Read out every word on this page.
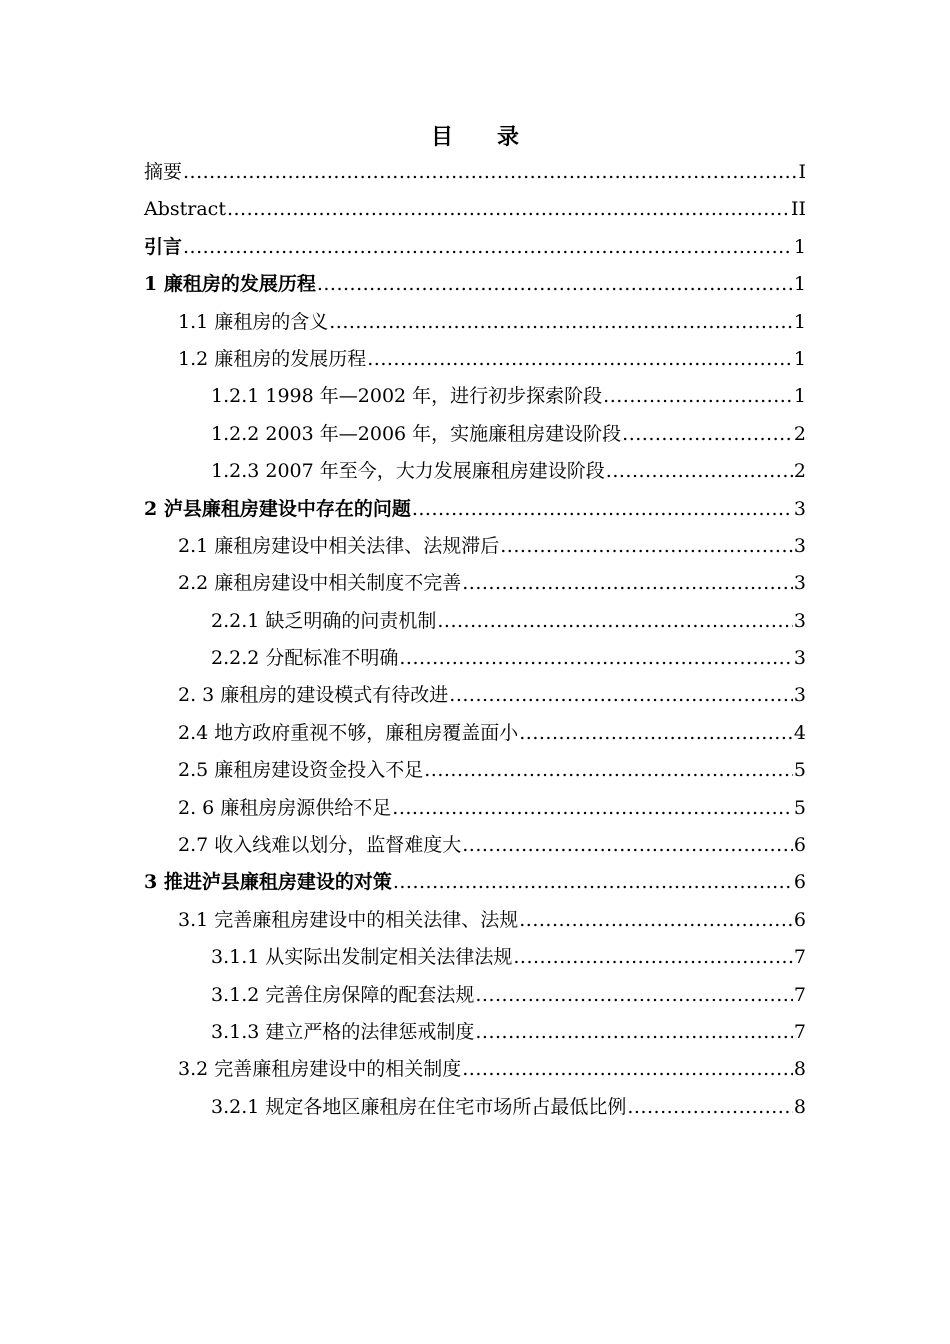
目 录
摘要 .....	I
Abstract .....	II
引言 .....	1
1 廉租房的发展历程 .....	1
1.1 廉租房的含义 .....	1
1.2 廉租房的发展历程 .....	1
1.2.1 1998 年—2002 年，进行初步探索阶段 .....	1
1.2.2 2003 年—2006 年，实施廉租房建设阶段 .....	2
1.2.3 2007 年至今，大力发展廉租房建设阶段 .....	2
2 泸县廉租房建设中存在的问题 .....	3
2.1 廉租房建设中相关法律、法规滞后 .....	3
2.2 廉租房建设中相关制度不完善 .....	3
2.2.1 缺乏明确的问责机制 .....	3
2.2.2 分配标准不明确 .....	3
2. 3 廉租房的建设模式有待改进 .....	3
2.4 地方政府重视不够，廉租房覆盖面小 .....	4
2.5 廉租房建设资金投入不足 .....	5
2. 6 廉租房房源供给不足 .....	5
2.7 收入线难以划分，监督难度大 .....	6
3 推进泸县廉租房建设的对策 .....	6
3.1 完善廉租房建设中的相关法律、法规 .....	6
3.1.1 从实际出发制定相关法律法规 .....	7
3.1.2 完善住房保障的配套法规 .....	7
3.1.3 建立严格的法律惩戒制度 .....	7
3.2 完善廉租房建设中的相关制度 .....	8
3.2.1 规定各地区廉租房在住宅市场所占最低比例 .....	8
